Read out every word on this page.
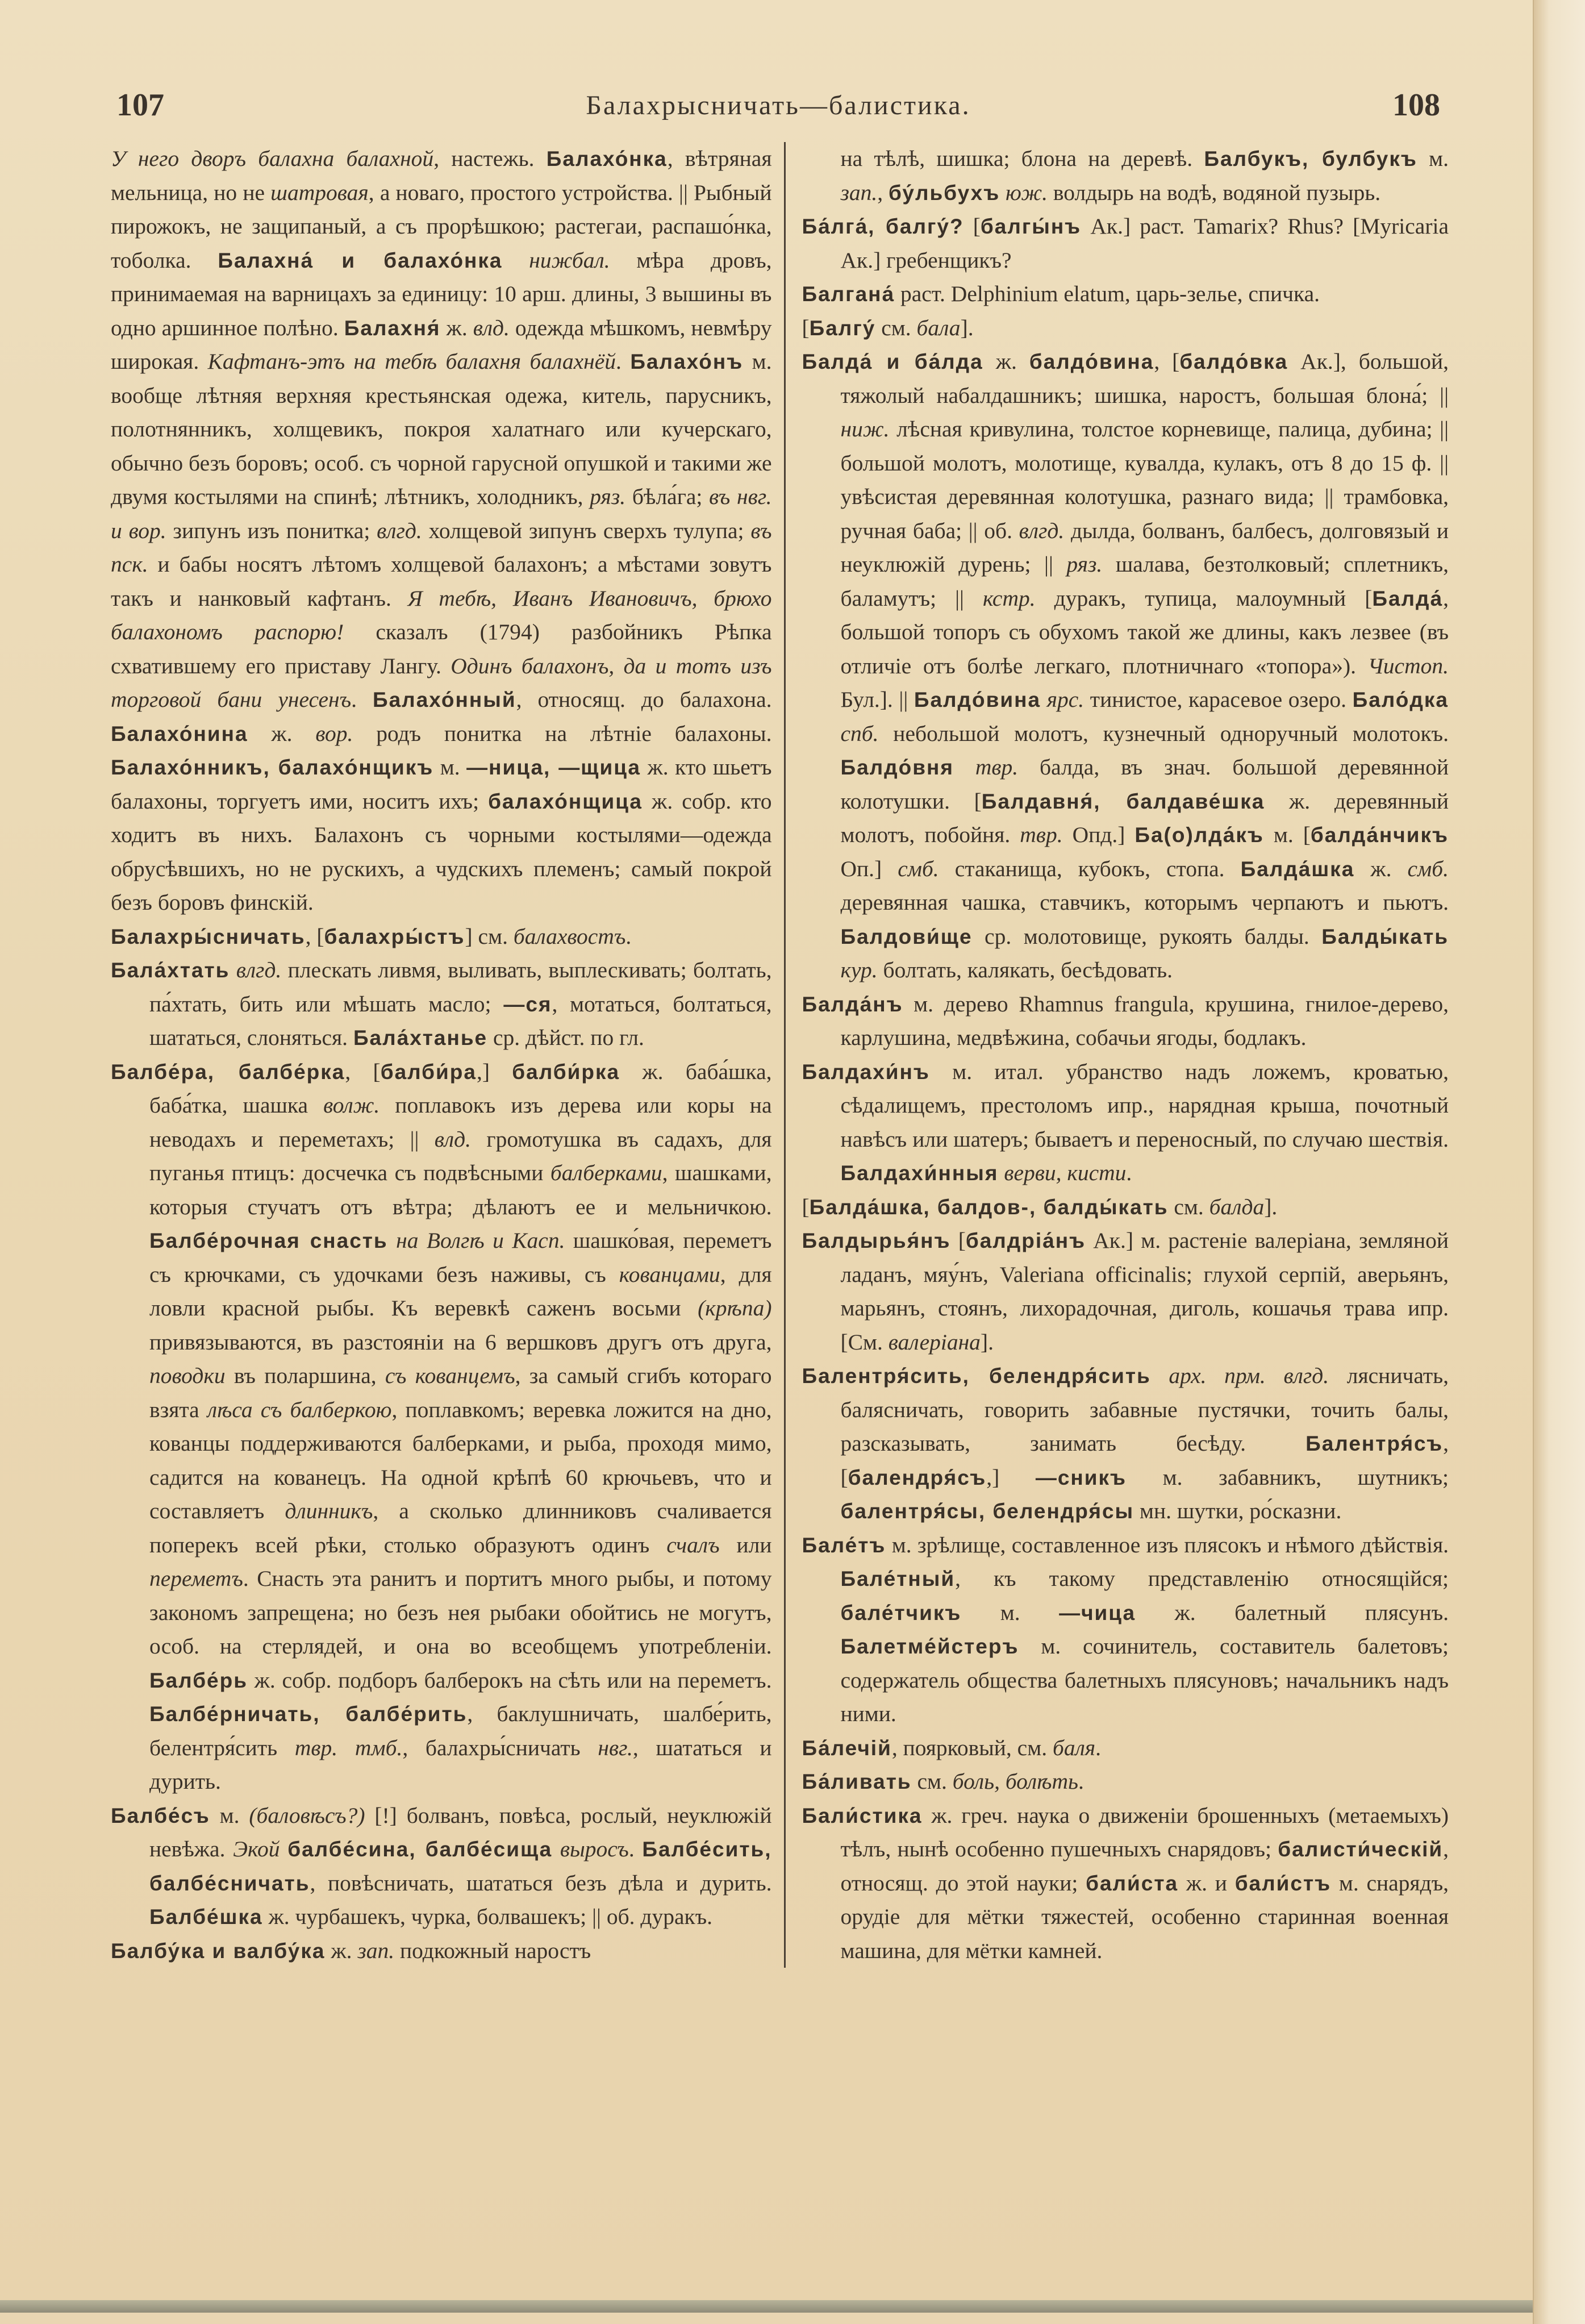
107	Балахрысничать—балистика.	108

У него дворъ балахна балахной, настежь. Балахо́нка, вѣтряная мельница, но не шатровая, а новаго, простого устройства. || Рыбный пирожокъ, не защипаный, а съ прорѣшкою; растегаи, распашо́нка, тоболка. Балахна́ и балахо́нка нижбал. мѣра дровъ, принимаемая на варницахъ за единицу: 10 арш. длины, 3 вышины въ одно аршинное полѣно. Балахня́ ж. влд. одежда мѣшкомъ, невмѣру широкая. Кафтанъ-этъ на тебѣ балахня балахнёй. Балахо́нъ м. вообще лѣтняя верхняя крестьянская одежа, китель, парусникъ, полотнянникъ, холщевикъ, покроя халатнаго или кучерскаго, обычно безъ боровъ; особ. съ чорной гарусной опушкой и такими же двумя костылями на спинѣ; лѣтникъ, холодникъ, ряз. бѣла́га; въ нвг. и вор. зипунъ изъ понитка; влгд. холщевой зипунъ сверхъ тулупа; въ пск. и бабы носятъ лѣтомъ холщевой балахонъ; а мѣстами зовутъ такъ и нанковый кафтанъ. Я тебѣ, Иванъ Ивановичъ, брюхо балахономъ распорю! сказалъ (1794) разбойникъ Рѣпка схватившему его приставу Лангу. Одинъ балахонъ, да и тотъ изъ торговой бани унесенъ. Балахо́нный, относящ. до балахона. Балахо́нина ж. вор. родъ понитка на лѣтніе балахоны. Балахо́нникъ, балахо́нщикъ м. —ница, —щица ж. кто шьетъ балахоны, торгуетъ ими, носитъ ихъ; балахо́нщица ж. собр. кто ходитъ въ нихъ. Балахонъ съ чорными костылями—одежда обрусѣвшихъ, но не рускихъ, а чудскихъ племенъ; самый покрой безъ боровъ финскій.

Балахры́сничать, [балахры́стъ] см. балахвостъ.

Бала́хтать влгд. плескать ливмя, выливать, выплескивать; болтать, па́хтать, бить или мѣшать масло; —ся, мотаться, болтаться, шататься, слоняться. Бала́хтанье ср. дѣйст. по гл.

Балбе́ра, балбе́рка, [балби́ра,] балби́рка ж. баба́шка, баба́тка, шашка волж. поплавокъ изъ дерева или коры на неводахъ и переметахъ; || влд. громотушка въ садахъ, для пуганья птицъ: досчечка съ подвѣсными балберками, шашками, которыя стучатъ отъ вѣтра; дѣлаютъ ее и мельничкою. Балбе́рочная снасть на Волгѣ и Касп. шашко́вая, переметъ съ крючками, съ удочками безъ наживы, съ кованцами, для ловли красной рыбы. Къ веревкѣ саженъ восьми (крѣпа) привязываются, въ разстояніи на 6 вершковъ другъ отъ друга, поводки въ поларшина, съ кованцемъ, за самый сгибъ котораго взята лѣса съ балберкою, поплавкомъ; веревка ложится на дно, кованцы поддерживаются балберками, и рыба, проходя мимо, садится на кованецъ. На одной крѣпѣ 60 крючьевъ, что и составляетъ длинникъ, а сколько длинниковъ счаливается поперекъ всей рѣки, столько образуютъ одинъ счалъ или переметъ. Снасть эта ранитъ и портитъ много рыбы, и потому закономъ запрещена; но безъ нея рыбаки обойтись не могутъ, особ. на стерлядей, и она во всеобщемъ употребленіи. Балбе́рь ж. собр. подборъ балберокъ на сѣть или на переметъ. Балбе́рничать, балбе́рить, баклушничать, шалбе́рить, белентря́сить твр. тмб., балахры́сничать нвг., шататься и дурить.

Балбе́съ м. (баловѣсъ?) [!] болванъ, повѣса, рослый, неуклюжій невѣжа. Экой балбе́сина, балбе́сища выросъ. Балбе́сить, балбе́сничать, повѣсничать, шататься безъ дѣла и дурить. Балбе́шка ж. чурбашекъ, чурка, болвашекъ; || об. дуракъ.

Балбу́ка и валбу́ка ж. зап. подкожный наростъ

на тѣлѣ, шишка; блона на деревѣ. Балбукъ, булбукъ м. зап., бу́льбухъ юж. волдырь на водѣ, водяной пузырь.

Ба́лга́, балгу́? [балгы́нъ Ак.] раст. Tamarix? Rhus? [Myricaria Ак.] гребенщикъ?

Балгана́ раст. Delphinium elatum, царь-зелье, спичка.

[Балгу́ см. бала].

Балда́ и ба́лда ж. балдо́вина, [балдо́вка Ак.], большой, тяжолый набалдашникъ; шишка, наростъ, большая блона́; || ниж. лѣсная кривулина, толстое корневище, палица, дубина; || большой молотъ, молотище, кувалда, кулакъ, отъ 8 до 15 ф. || увѣсистая деревянная колотушка, разнаго вида; || трамбовка, ручная баба; || об. влгд. дылда, болванъ, балбесъ, долговязый и неуклюжій дурень; || ряз. шалава, безтолковый; сплетникъ, баламутъ; || кстр. дуракъ, тупица, малоумный [Балда́, большой топоръ съ обухомъ такой же длины, какъ лезвее (въ отличіе отъ болѣе легкаго, плотничнаго «топора»). Чистоп. Бул.]. || Балдо́вина ярс. тинистое, карасевое озеро. Бало́дка спб. небольшой молотъ, кузнечный одноручный молотокъ. Балдо́вня твр. балда, въ знач. большой деревянной колотушки. [Балдавня́, балдаве́шка ж. деревянный молотъ, побойня. твр. Опд.] Ба(о)лда́къ м. [балда́нчикъ Оп.] смб. стаканища, кубокъ, стопа. Балда́шка ж. смб. деревянная чашка, ставчикъ, которымъ черпаютъ и пьютъ. Балдови́ще ср. молотовище, рукоять балды. Балды́кать кур. болтать, калякать, бесѣдовать.

Балда́нъ м. дерево Rhamnus frangula, крушина, гнилое-дерево, карлушина, медвѣжина, собачьи ягоды, бодлакъ.

Балдахи́нъ м. итал. убранство надъ ложемъ, кроватью, сѣдалищемъ, престоломъ ипр., нарядная крыша, почотный навѣсъ или шатеръ; бываетъ и переносный, по случаю шествія. Балдахи́нныя верви, кисти.

[Балда́шка, балдов-, балды́кать см. балда].

Балдырья́нъ [балдріа́нъ Ак.] м. растеніе валеріана, земляной ладанъ, мяу́нъ, Valeriana officinalis; глухой серпій, аверьянъ, марьянъ, стоянъ, лихорадочная, диголь, кошачья трава ипр. [См. валеріана].

Балентря́сить, белендря́сить арх. прм. влгд. лясничать, балясничать, говорить забавные пустячки, точить балы, разсказывать, занимать бесѣду. Балентря́съ, [балендря́съ,] —сникъ м. забавникъ, шутникъ; балентря́сы, белендря́сы мн. шутки, ро́сказни.

Бале́тъ м. зрѣлище, составленное изъ плясокъ и нѣмого дѣйствія. Бале́тный, къ такому представленію относящійся; бале́тчикъ м. —чица ж. балетный плясунъ. Балетме́йстеръ м. сочинитель, составитель балетовъ; содержатель общества балетныхъ плясуновъ; начальникъ надъ ними.

Ба́лечій, поярковый, см. баля.

Ба́ливать см. боль, болѣть.

Бали́стика ж. греч. наука о движеніи брошенныхъ (метаемыхъ) тѣлъ, нынѣ особенно пушечныхъ снарядовъ; балисти́ческій, относящ. до этой науки; бали́ста ж. и бали́стъ м. снарядъ, орудіе для мётки тяжестей, особенно старинная военная машина, для мётки камней.
